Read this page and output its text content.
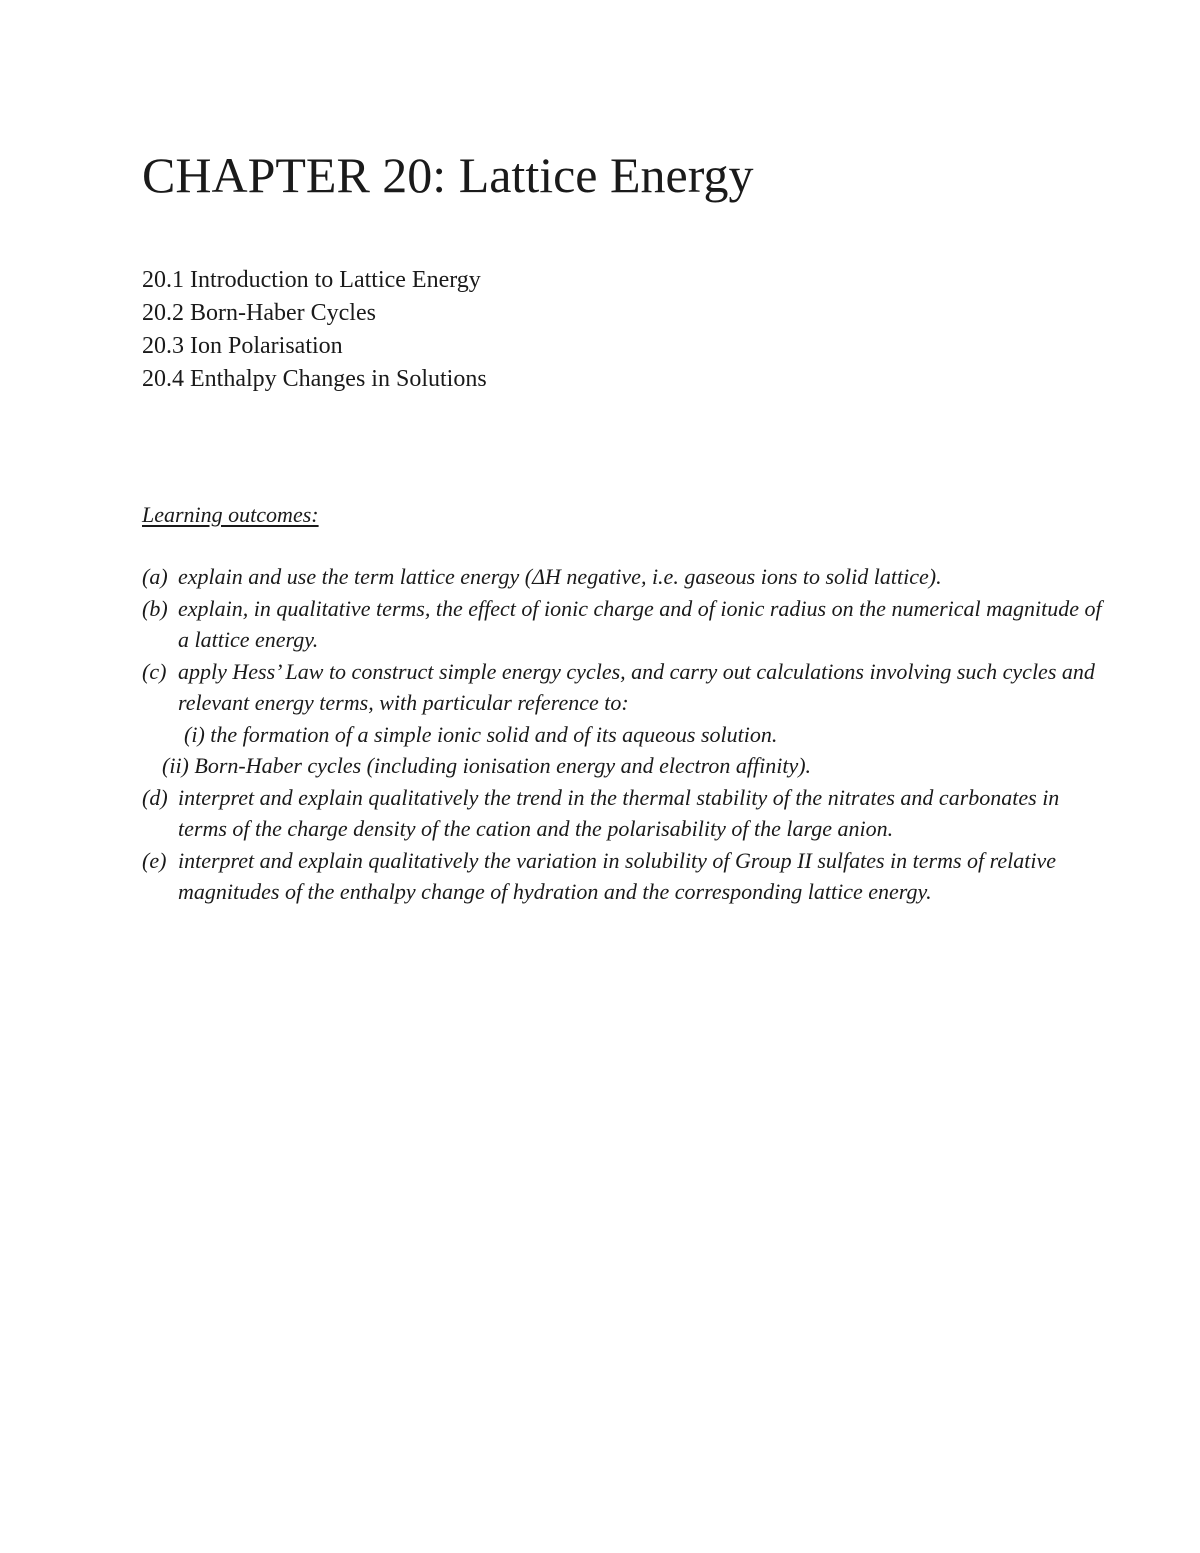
CHAPTER 20: Lattice Energy
20.1 Introduction to Lattice Energy
20.2 Born-Haber Cycles
20.3 Ion Polarisation
20.4 Enthalpy Changes in Solutions
Learning outcomes:
(a) explain and use the term lattice energy (ΔH negative, i.e. gaseous ions to solid lattice).
(b) explain, in qualitative terms, the effect of ionic charge and of ionic radius on the numerical magnitude of a lattice energy.
(c) apply Hess’ Law to construct simple energy cycles, and carry out calculations involving such cycles and relevant energy terms, with particular reference to:
(i) the formation of a simple ionic solid and of its aqueous solution.
(ii) Born-Haber cycles (including ionisation energy and electron affinity).
(d) interpret and explain qualitatively the trend in the thermal stability of the nitrates and carbonates in terms of the charge density of the cation and the polarisability of the large anion.
(e) interpret and explain qualitatively the variation in solubility of Group II sulfates in terms of relative magnitudes of the enthalpy change of hydration and the corresponding lattice energy.
